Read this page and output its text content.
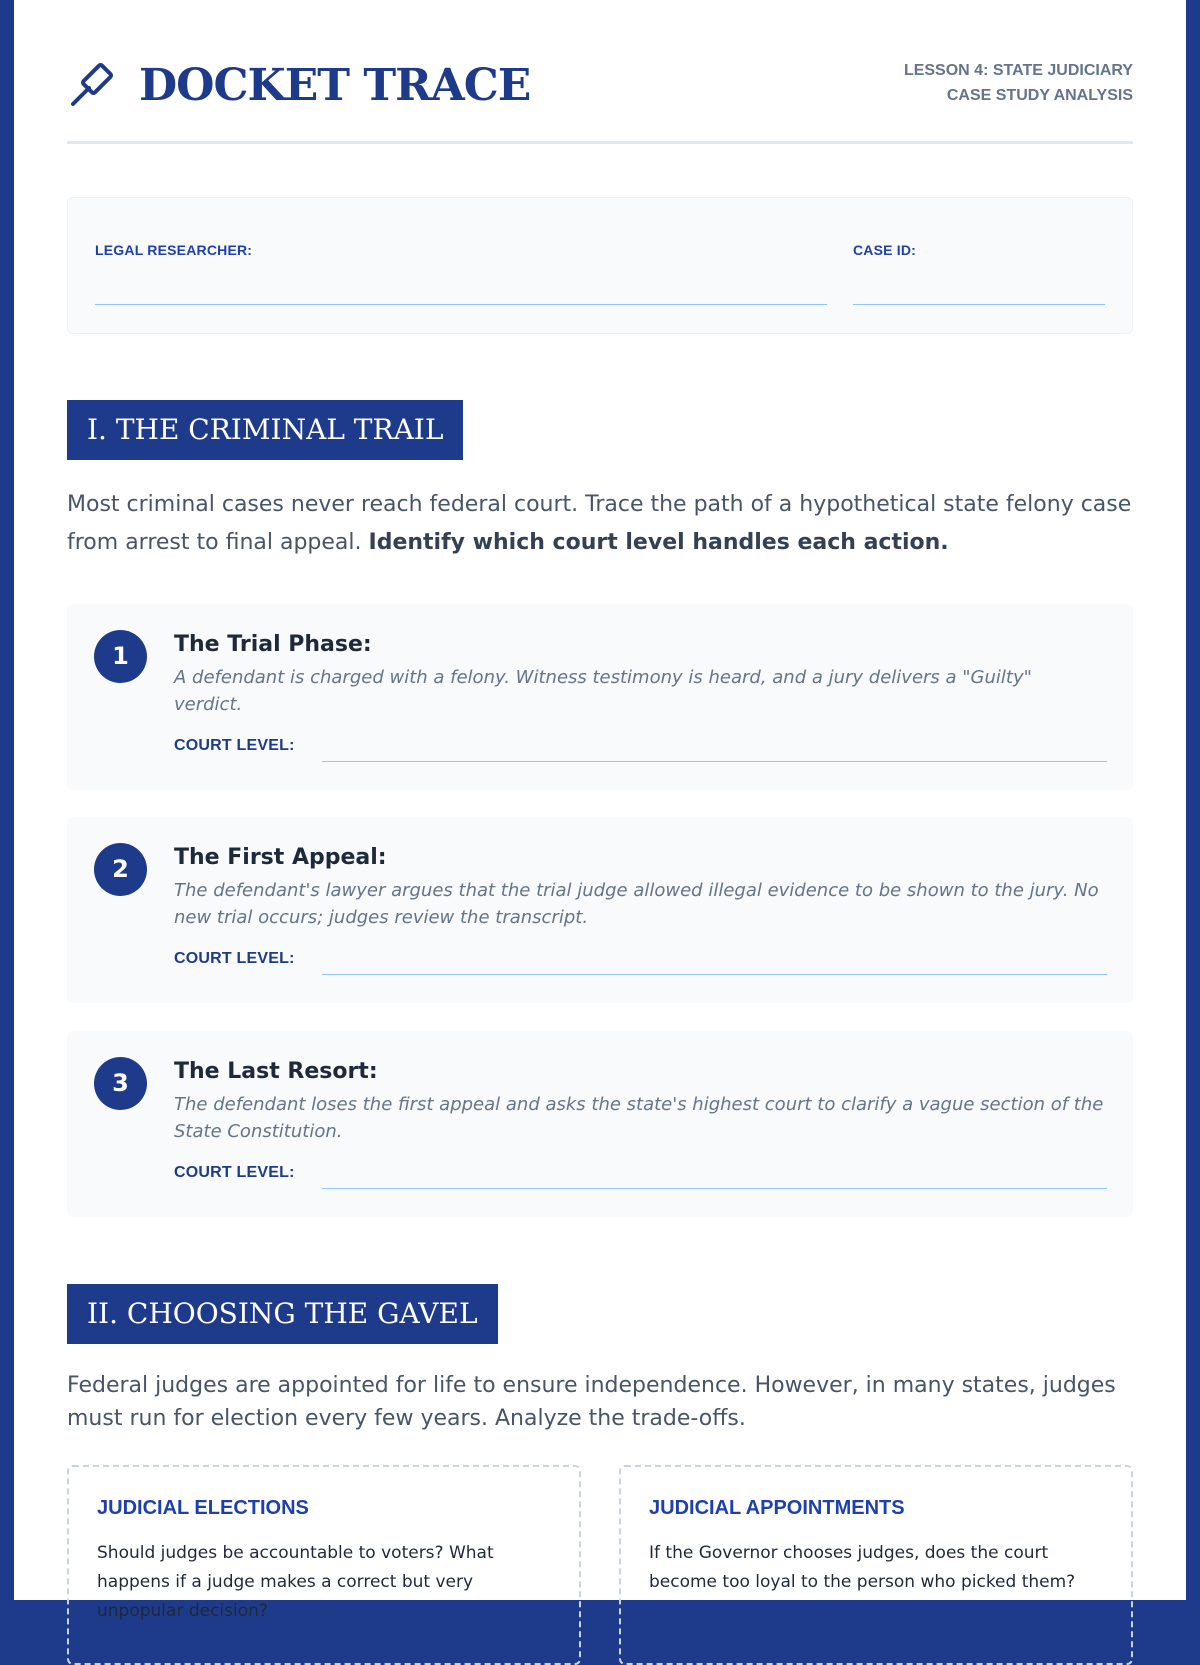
DOCKET TRACE	LESSON 4: STATE JUDICIARY
CASE STUDY ANALYSIS
LEGAL RESEARCHER:	CASE ID:
I. THE CRIMINAL TRAIL
Most criminal cases never reach federal court. Trace the path of a hypothetical state felony case from arrest to final appeal. Identify which court level handles each action.
1	The Trial Phase:
A defendant is charged with a felony. Witness testimony is heard, and a jury delivers a "Guilty" verdict.
COURT LEVEL:
2	The First Appeal:
The defendant's lawyer argues that the trial judge allowed illegal evidence to be shown to the jury. No new trial occurs; judges review the transcript.
COURT LEVEL:
3	The Last Resort:
The defendant loses the first appeal and asks the state's highest court to clarify a vague section of the State Constitution.
COURT LEVEL:
II. CHOOSING THE GAVEL
Federal judges are appointed for life to ensure independence. However, in many states, judges must run for election every few years. Analyze the trade-offs.
JUDICIAL ELECTIONS
Should judges be accountable to voters? What happens if a judge makes a correct but very unpopular decision?
JUDICIAL APPOINTMENTS
If the Governor chooses judges, does the court become too loyal to the person who picked them?
